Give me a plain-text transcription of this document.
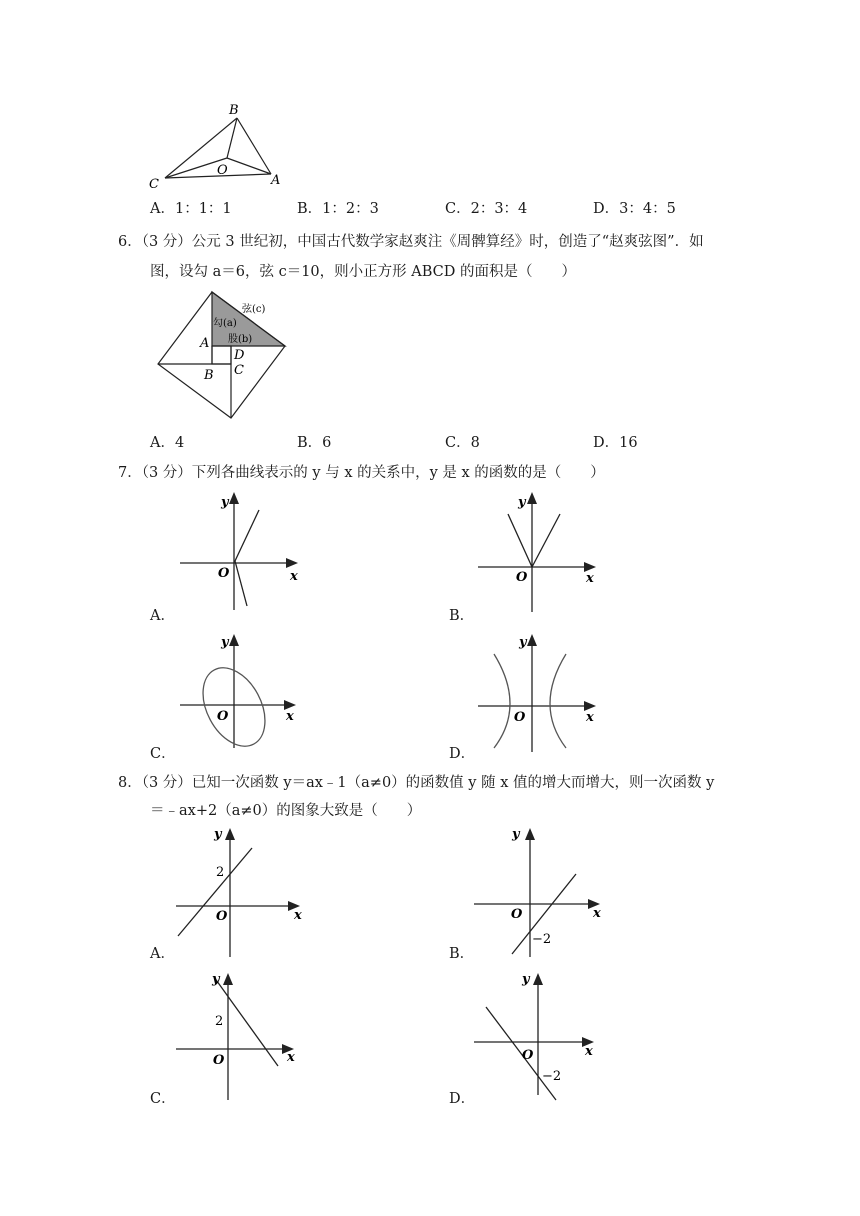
B
C
O
A
A．1：1：1	B．1：2：3	C．2：3：4	D．3：4：5
6．（3 分）公元 3 世纪初，中国古代数学家赵爽注《周髀算经》时，创造了“赵爽弦图”．如
图，设勾 a＝6，弦 c＝10，则小正方形 ABCD 的面积是（　　）
弦(c)
勾(a)
股(b)
A
D
B C
A．4	B．6	C．8	D．16
7．（3 分）下列各曲线表示的 y 与 x 的关系中，y 是 x 的函数的是（　　）
y
x
O
A．
y
x
O
B．
y
x
O
C．
y
x
O
D．
8．（3 分）已知一次函数 y＝ax﹣1（a≠0）的函数值 y 随 x 值的增大而增大，则一次函数 y
＝﹣ax+2（a≠0）的图象大致是（　　）
y
x
O
2
A．
y
x
O
−2
B．
y
x
O
2
C．
y
x
O
−2
D．
